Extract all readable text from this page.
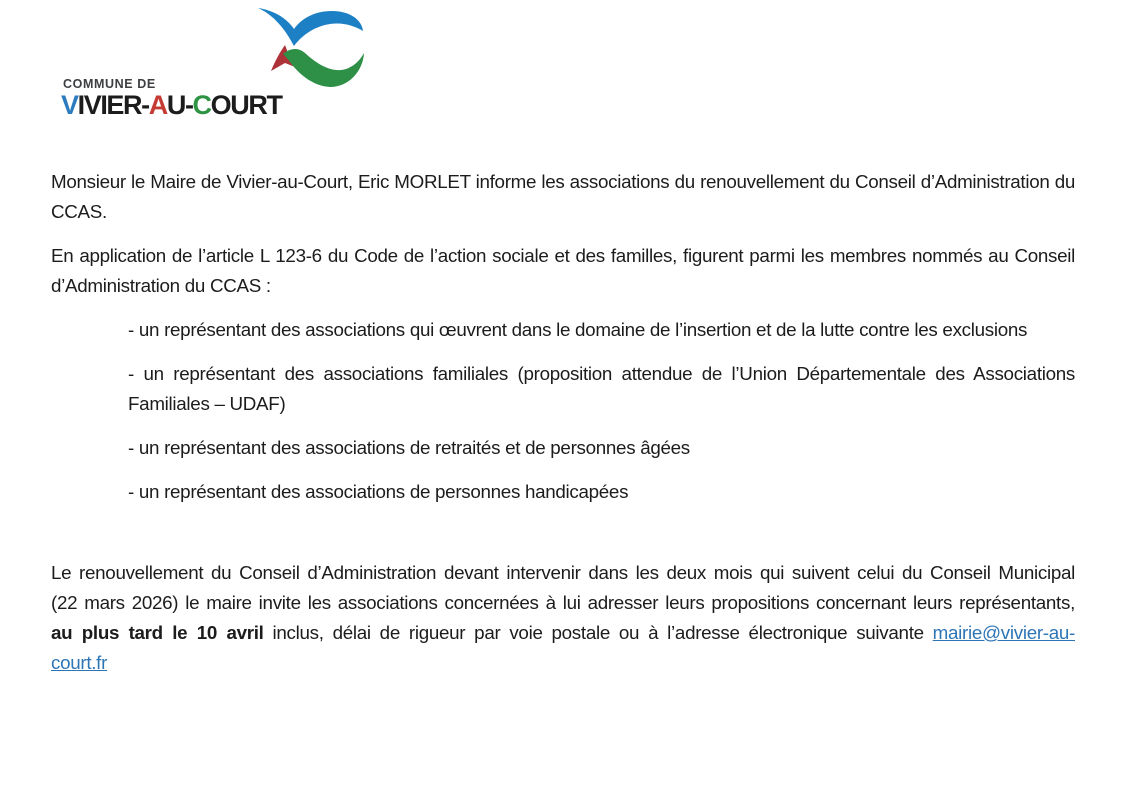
COMMUNE DE
VIVIER-AU-COURT

Monsieur le Maire de Vivier-au-Court, Eric MORLET informe les associations du renouvellement du Conseil d’Administration du CCAS.

En application de l’article L 123-6 du Code de l’action sociale et des familles, figurent parmi les membres nommés au Conseil d’Administration du CCAS :

- un représentant des associations qui œuvrent dans le domaine de l’insertion et de la lutte contre les exclusions

- un représentant des associations familiales (proposition attendue de l’Union Départementale des Associations Familiales – UDAF)

- un représentant des associations de retraités et de personnes âgées

- un représentant des associations de personnes handicapées

Le renouvellement du Conseil d’Administration devant intervenir dans les deux mois qui suivent celui du Conseil Municipal (22 mars 2026) le maire invite les associations concernées à lui adresser leurs propositions concernant leurs représentants, au plus tard le 10 avril inclus, délai de rigueur par voie postale ou à l’adresse électronique suivante mairie@vivier-au-court.fr
